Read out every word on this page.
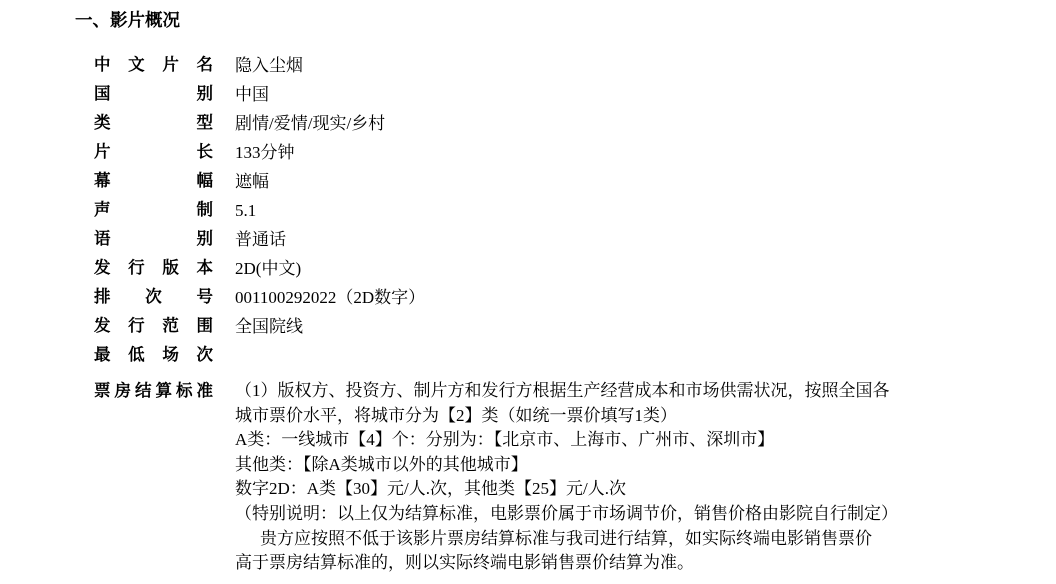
一、影片概况
中文片名 隐入尘烟
国别 中国
类型 剧情/爱情/现实/乡村
片长 133分钟
幕幅 遮幅
声制 5.1
语别 普通话
发行版本 2D(中文)
排次号 001100292022（2D数字）
发行范围 全国院线
最低场次
票房结算标准 （1）版权方、投资方、制片方和发行方根据生产经营成本和市场供需状况，按照全国各
城市票价水平，将城市分为【2】类（如统一票价填写1类）
A类：一线城市【4】个：分别为：【北京市、上海市、广州市、深圳市】
其他类：【除A类城市以外的其他城市】
数字2D：A类【30】元/人.次，其他类【25】元/人.次
（特别说明：以上仅为结算标准，电影票价属于市场调节价，销售价格由影院自行制定）
贵方应按照不低于该影片票房结算标准与我司进行结算，如实际终端电影销售票价
高于票房结算标准的，则以实际终端电影销售票价结算为准。
